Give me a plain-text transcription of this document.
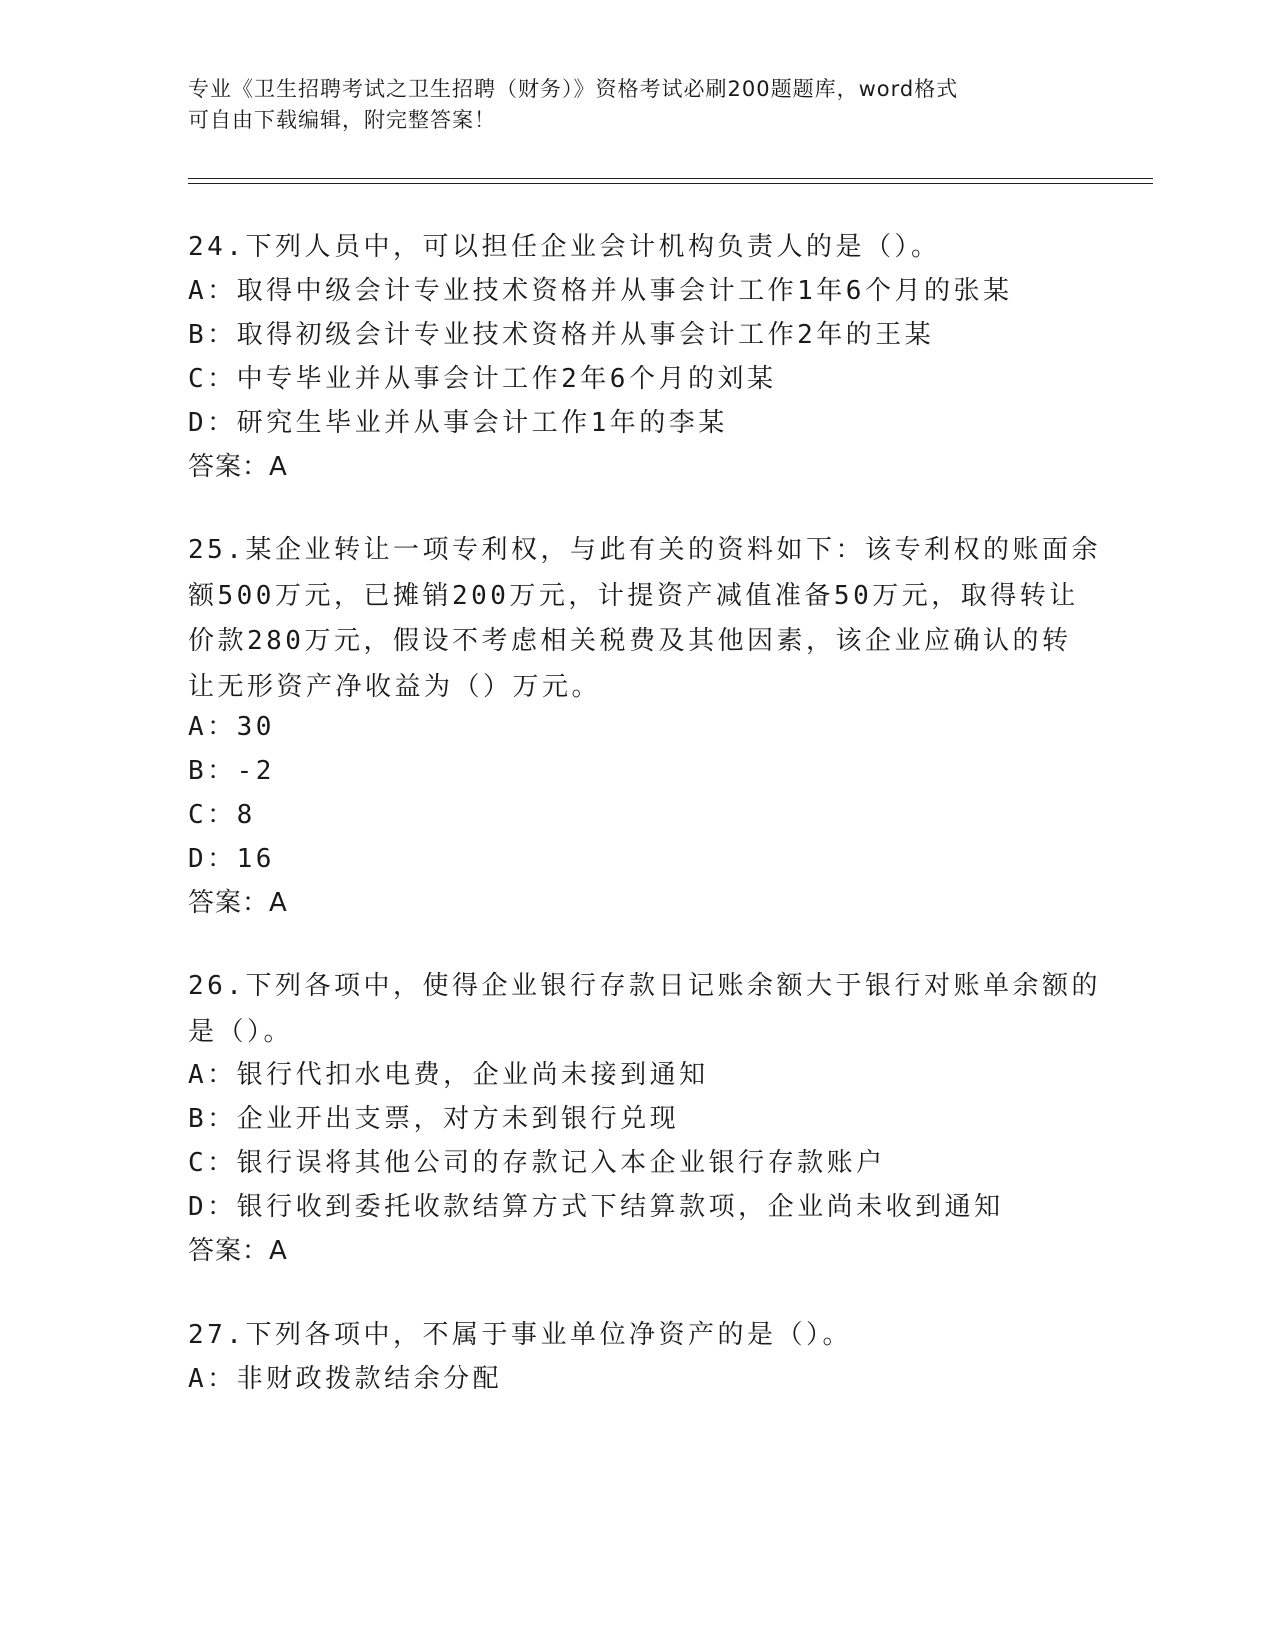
专业《卫生招聘考试之卫生招聘（财务）》资格考试必刷200题题库，word格式
可自由下载编辑，附完整答案！
24.下列人员中，可以担任企业会计机构负责人的是（）。
A：取得中级会计专业技术资格并从事会计工作1年6个月的张某
B：取得初级会计专业技术资格并从事会计工作2年的王某
C：中专毕业并从事会计工作2年6个月的刘某
D：研究生毕业并从事会计工作1年的李某
答案：A
25.某企业转让一项专利权，与此有关的资料如下：该专利权的账面余
额500万元，已摊销200万元，计提资产减值准备50万元，取得转让
价款280万元，假设不考虑相关税费及其他因素，该企业应确认的转
让无形资产净收益为（）万元。
A：30
B：-2
C：8
D：16
答案：A
26.下列各项中，使得企业银行存款日记账余额大于银行对账单余额的
是（）。
A：银行代扣水电费，企业尚未接到通知
B：企业开出支票，对方未到银行兑现
C：银行误将其他公司的存款记入本企业银行存款账户
D：银行收到委托收款结算方式下结算款项，企业尚未收到通知
答案：A
27.下列各项中，不属于事业单位净资产的是（）。
A：非财政拨款结余分配
